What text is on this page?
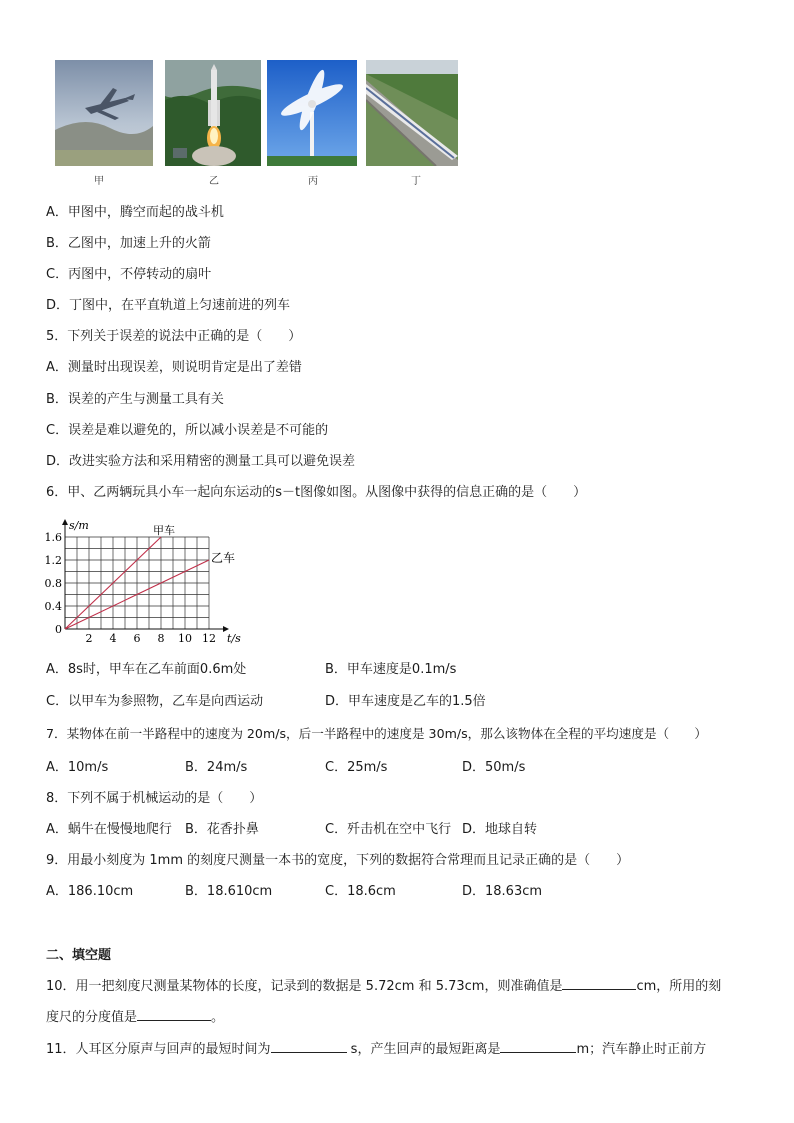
甲	乙	丙	丁
A．甲图中，腾空而起的战斗机
B．乙图中，加速上升的火箭
C．丙图中，不停转动的扇叶
D．丁图中，在平直轨道上匀速前进的列车
5．下列关于误差的说法中正确的是（　　）
A．测量时出现误差，则说明肯定是出了差错
B．误差的产生与测量工具有关
C．误差是难以避免的，所以减小误差是不可能的
D．改进实验方法和采用精密的测量工具可以避免误差
6．甲、乙两辆玩具小车一起向东运动的s－t图像如图。从图像中获得的信息正确的是（　　）
2 4 6 8 10 12
0.4
0.8
1.2
1.6
0
t/s
s/m	甲车
乙车
A．8s时，甲车在乙车前面0.6m处	B．甲车速度是0.1m/s
C．以甲车为参照物，乙车是向西运动	D．甲车速度是乙车的1.5倍
7．某物体在前一半路程中的速度为 20m/s，后一半路程中的速度是 30m/s，那么该物体在全程的平均速度是（　　）
A．10m/s	B．24m/s	C．25m/s	D．50m/s
8．下列不属于机械运动的是（　　）
A．蜗牛在慢慢地爬行 B．花香扑鼻	C．歼击机在空中飞行 D．地球自转
9．用最小刻度为 1mm 的刻度尺测量一本书的宽度，下列的数据符合常理而且记录正确的是（　　）
A．186.10cm	B．18.610cm	C．18.6cm	D．18.63cm
二、填空题
10．用一把刻度尺测量某物体的长度，记录到的数据是 5.72cm 和 5.73cm，则准确值是	cm，所用的刻
度尺的分度值是	。
11．人耳区分原声与回声的最短时间为	s，产生回声的最短距离是	m；汽车静止时正前方
